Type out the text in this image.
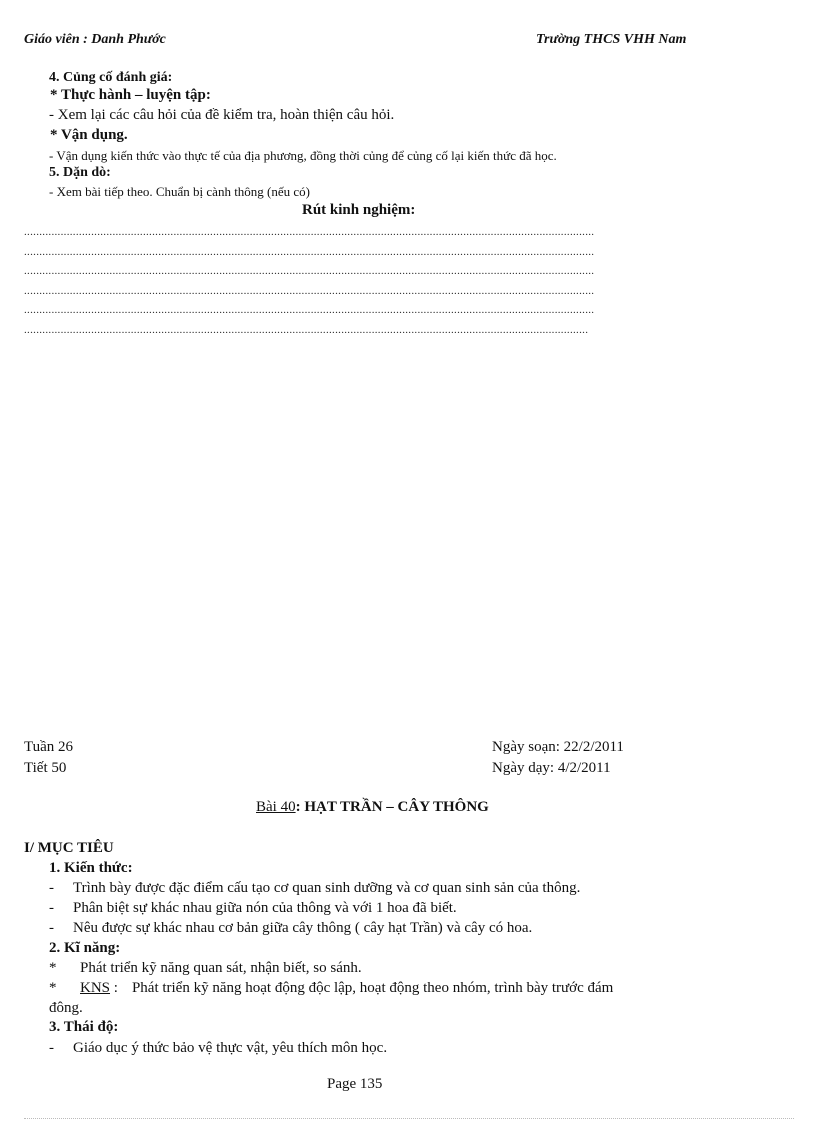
Giáo viên : Danh Phước	Trường THCS VHH Nam
4. Củng cố đánh giá:
* Thực hành – luyện tập:
- Xem lại các câu hỏi của đề kiểm tra, hoàn thiện câu hỏi.
* Vận dụng.
- Vận dụng kiến thức vào thực tế của địa phương, đồng thời củng để củng cố lại kiến thức đã học.
5. Dặn dò:
- Xem bài tiếp theo. Chuẩn bị cành thông (nếu có)
Rút kinh nghiệm:
...........................................................................................................................................................................................
...........................................................................................................................................................................................
...........................................................................................................................................................................................
...........................................................................................................................................................................................
...........................................................................................................................................................................................
.........................................................................................................................................................................................
Tuần 26
Tiết 50
Ngày soạn: 22/2/2011
Ngày dạy: 4/2/2011
Bài 40: HẠT TRẦN – CÂY THÔNG
I/ MỤC TIÊU
1. Kiến thức:
- Trình bày được đặc điểm cấu tạo cơ quan sinh dưỡng và cơ quan sinh sản của thông.
- Phân biệt sự khác nhau giữa nón của thông và với 1 hoa đã biết.
- Nêu được sự khác nhau cơ bản giữa cây thông ( cây hạt Trần) và cây có hoa.
2. Kĩ năng:
* Phát triển kỹ năng quan sát, nhận biết, so sánh.
* KNS : Phát triển kỹ năng hoạt động độc lập, hoạt động theo nhóm, trình bày trước đám
đông.
3. Thái độ:
- Giáo dục ý thức bảo vệ thực vật, yêu thích môn học.
Page 135
